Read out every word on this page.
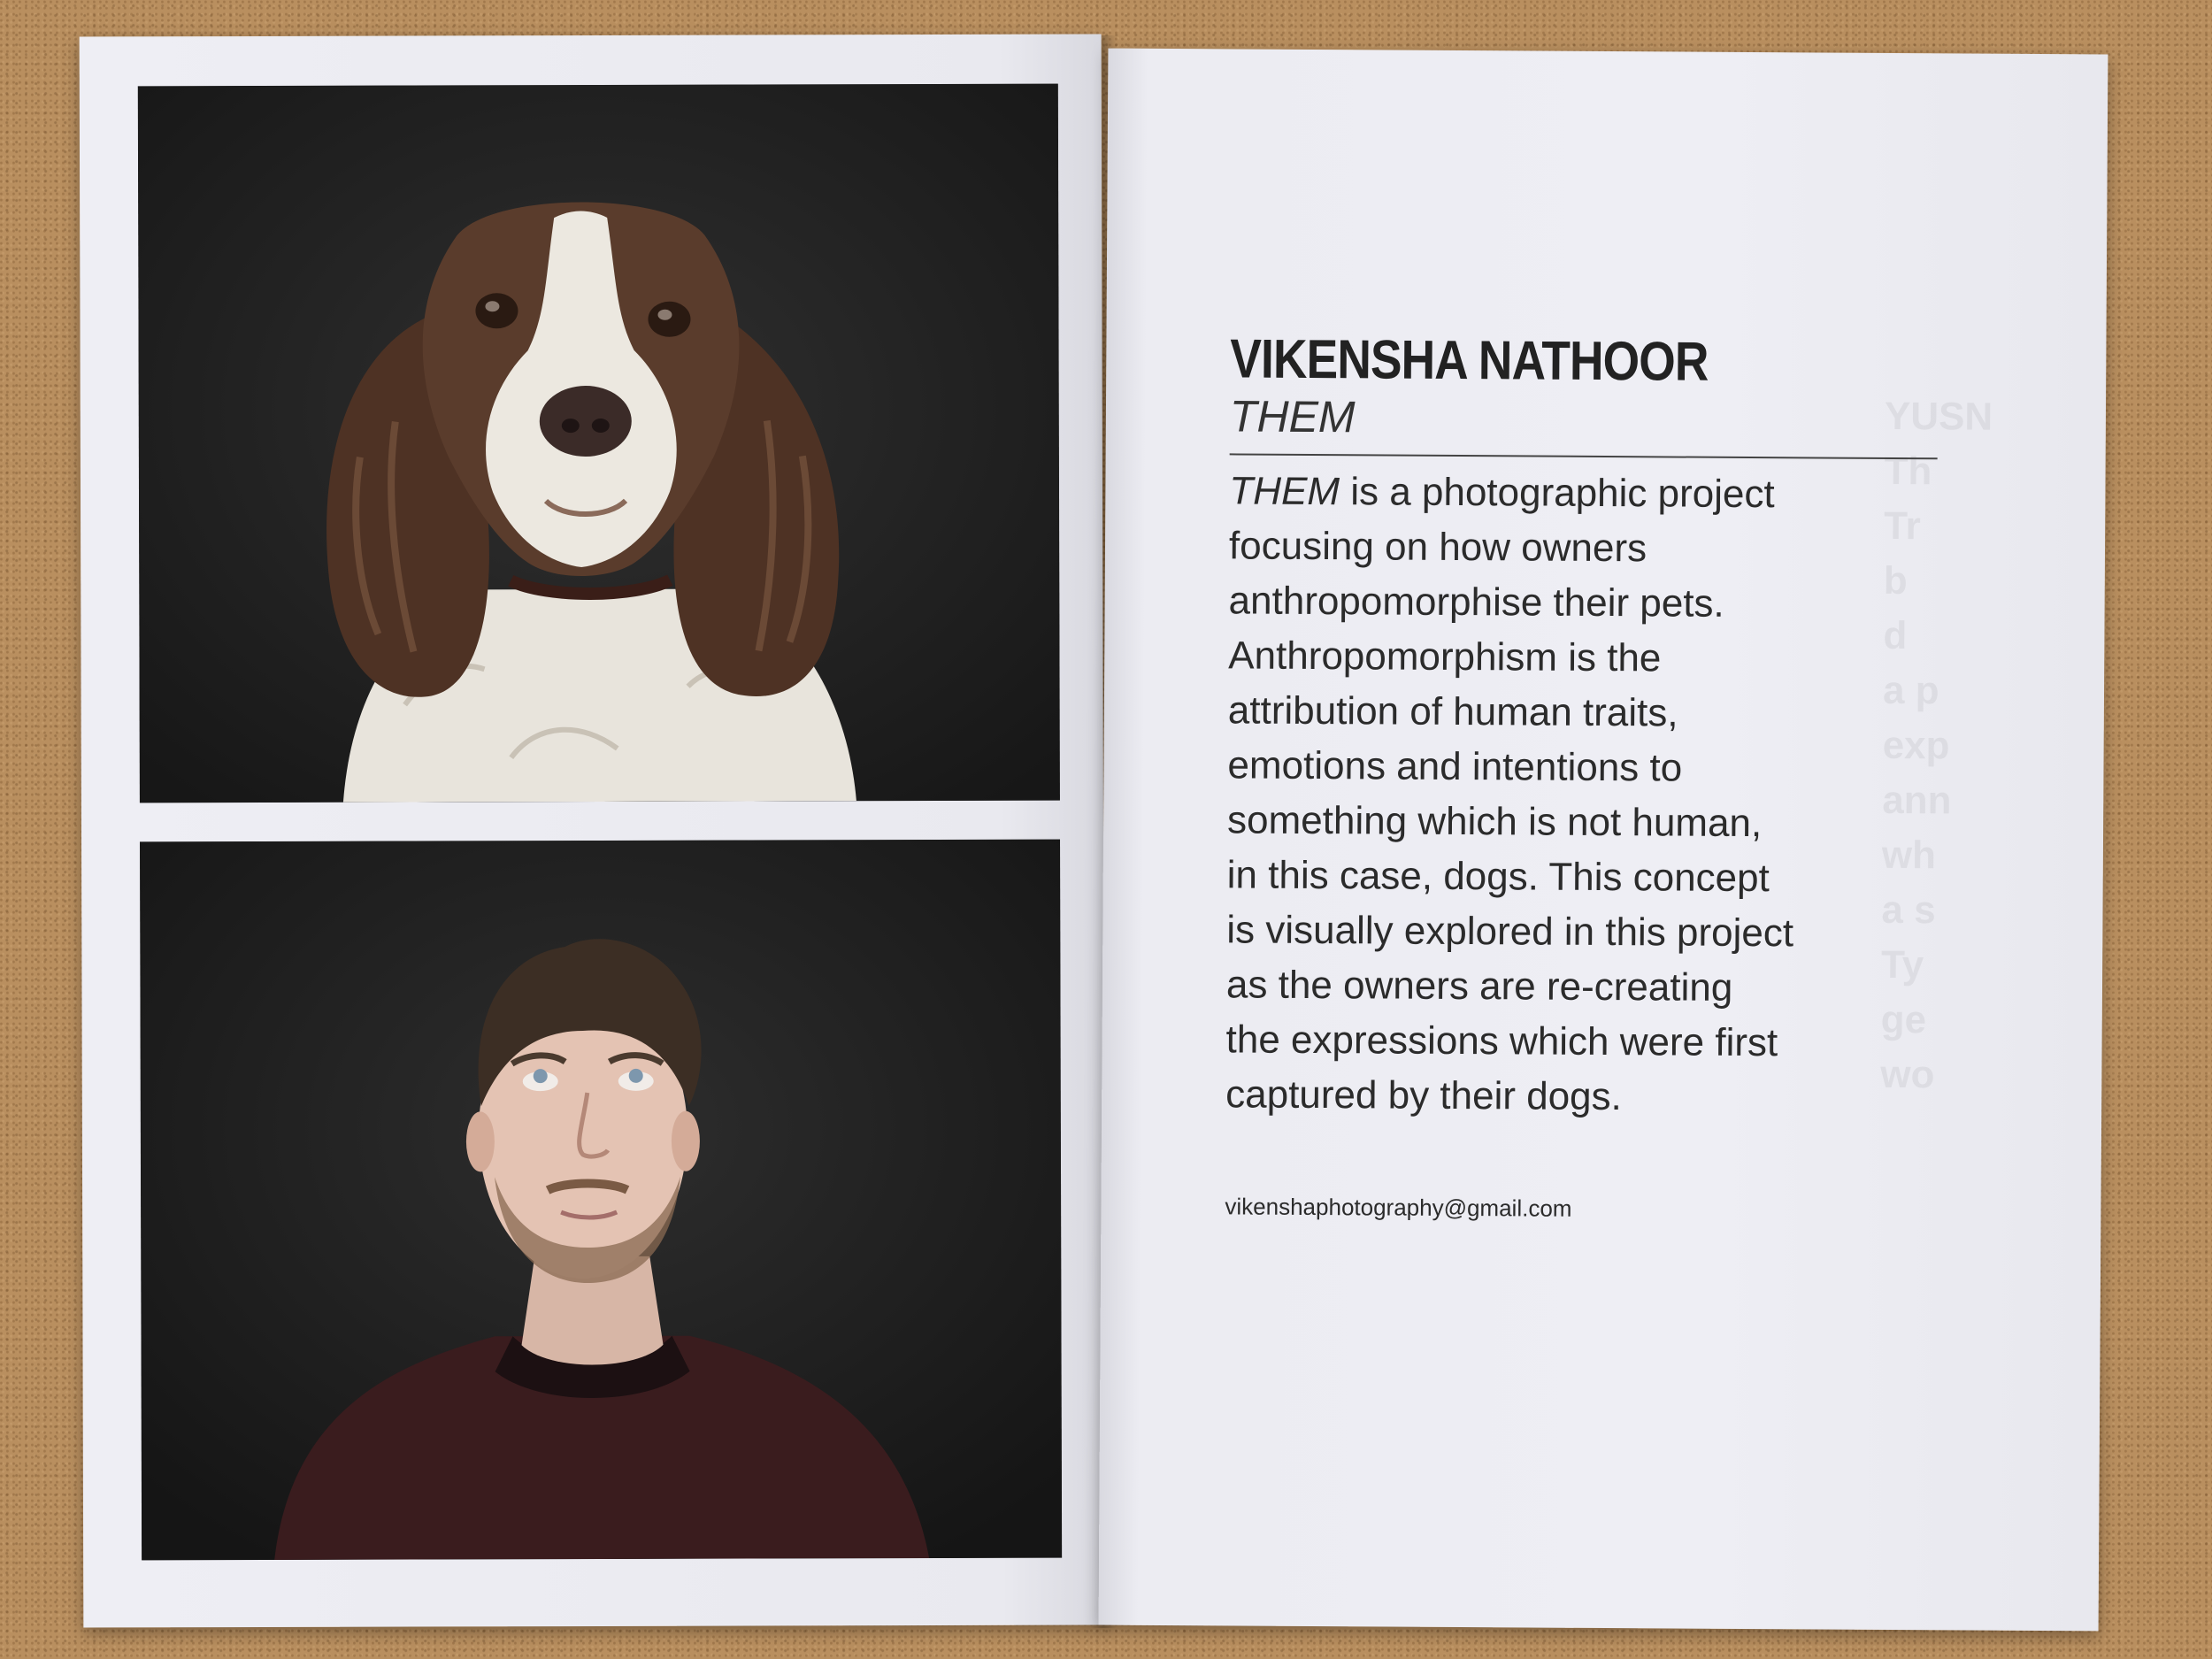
YUSN
Th
Tr
b
d
a p
exp
ann
wh
a s
Ty
ge
wo
VIKENSHA NATHOOR
THEM
THEM is a photographic project
focusing on how owners
anthropomorphise their pets.
Anthropomorphism is the
attribution of human traits,
emotions and intentions to
something which is not human,
in this case, dogs. This concept
is visually explored in this project
as the owners are re-creating
the expressions which were first
captured by their dogs.
vikenshaphotography@gmail.com
